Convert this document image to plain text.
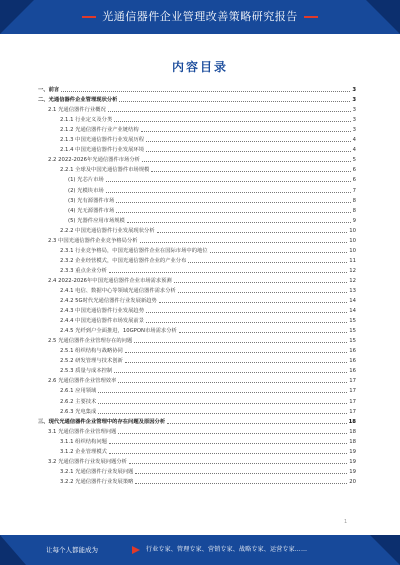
光通信器件企业管理改善策略研究报告
内容目录
一、前言	3
二、光通信器件企业管理现状分析	3
2.1 光通信器件行业概况	3
2.1.1 行业定义及分类	3
2.1.2 光通信器件行业产业链结构	3
2.1.3 中国光通信器件行业发展历程	4
2.1.4 中国光通信器件行业发展环境	4
2.2 2022-2026年光通信器件市场分析	5
2.2.1 全球及中国光通信器件市场规模	6
(1) 光芯片市场	6
(2) 光模块市场	7
(3) 光有源器件市场	8
(4) 光无源器件市场	8
(5) 光器件应用市场规模	9
2.2.2 中国光通信器件行业发展现状分析	10
2.3 中国光通信器件企业竞争格局分析	10
2.3.1 行业竞争格局，中国光通信器件企业在国际市场中的地位	10
2.3.2 企业经营模式，中国光通信器件企业的产业分布	11
2.3.3 重点企业分析	12
2.4 2022-2026年中国光通信器件企业市场需求预测	12
2.4.1 电信、数据中心等领域光通信器件需求分析	13
2.4.2 5G时代光通信器件行业发展新趋势	14
2.4.3 中国光通信器件行业发展趋势	14
2.4.4 中国光通信器件市场发展前景	15
2.4.5 光纤到户全面推进，10GPON市场需求分析	15
2.5 光通信器件企业管理存在的问题	15
2.5.1 组织结构与战略协同	16
2.5.2 研发管理与技术创新	16
2.5.3 质量与成本控制	16
2.6 光通信器件企业管理效率	17
2.6.1 应用领域	17
2.6.2 主要技术	17
2.6.3 光电集成	17
三、现代光通信器件企业管理中的存在问题及原因分析	18
3.1 光通信器件企业管理问题	18
3.1.1 组织结构问题	18
3.1.2 企业管理模式	19
3.2 光通信器件行业发展问题分析	19
3.2.1 光通信器件行业发展问题	19
3.2.2 光通信器件行业发展策略	20
1
让每个人都能成为	行业专家、管理专家、营销专家、战略专家、运营专家……
